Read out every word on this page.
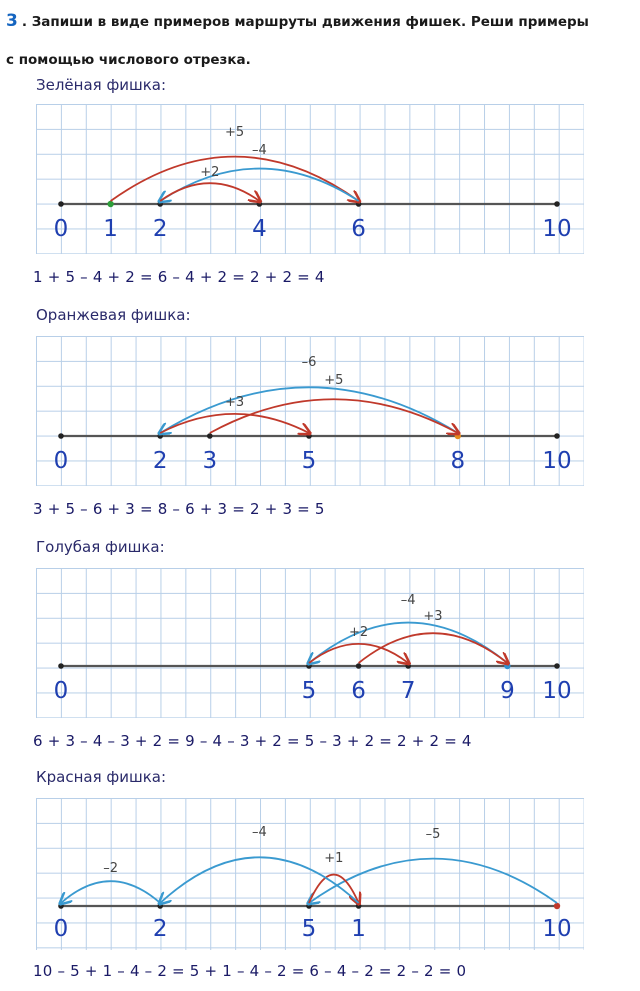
3 . Запиши в виде примеров маршруты движения фишек. Реши примеры
с помощью числового отрезка.
Зелёная фишка:
1 + 5 – 4 + 2 = 6 – 4 + 2 = 2 + 2 = 4
Оранжевая фишка:
3 + 5 – 6 + 3 = 8 – 6 + 3 = 2 + 3 = 5
Голубая фишка:
6 + 3 – 4 – 3 + 2 = 9 – 4 – 3 + 2 = 5 – 3 + 2 = 2 + 2 = 4
Красная фишка:
10 – 5 + 1 – 4 – 2 = 5 + 1 – 4 – 2 = 6 – 4 – 2 = 2 – 2 = 0
0 1 2	4	6	10
+5
–4
+2
0	2 3	5	8	10
–6
+5
+3
0	5 6 7	9 10
–4
+3
+2
0	2	5 1	10
–5
+1
–4
–2
